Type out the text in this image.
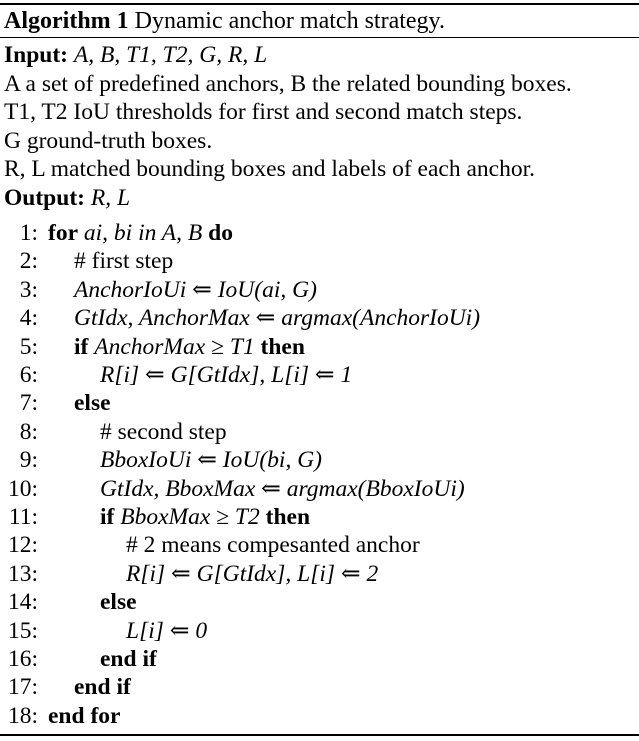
Algorithm 1 Dynamic anchor match strategy.
Input: A, B, T1, T2, G, R, L
A a set of predefined anchors, B the related bounding boxes.
T1, T2 IoU thresholds for first and second match steps.
G ground-truth boxes.
R, L matched bounding boxes and labels of each anchor.
Output: R, L
1: for ai, bi in A, B do
2: # first step
3: AnchorIoUi ⇐ IoU(ai, G)
4: GtIdx, AnchorMax ⇐ argmax(AnchorIoUi)
5: if AnchorMax ≥ T1 then
6:	R[i] ⇐ G[GtIdx], L[i] ⇐ 1
7: else
8:	# second step
9:	BboxIoUi ⇐ IoU(bi, G)
10:	GtIdx, BboxMax ⇐ argmax(BboxIoUi)
11:	if BboxMax ≥ T2 then
12:	# 2 means compesanted anchor
13:	R[i] ⇐ G[GtIdx], L[i] ⇐ 2
14:	else
15:	L[i] ⇐ 0
16:	end if
17: end if
18: end for
